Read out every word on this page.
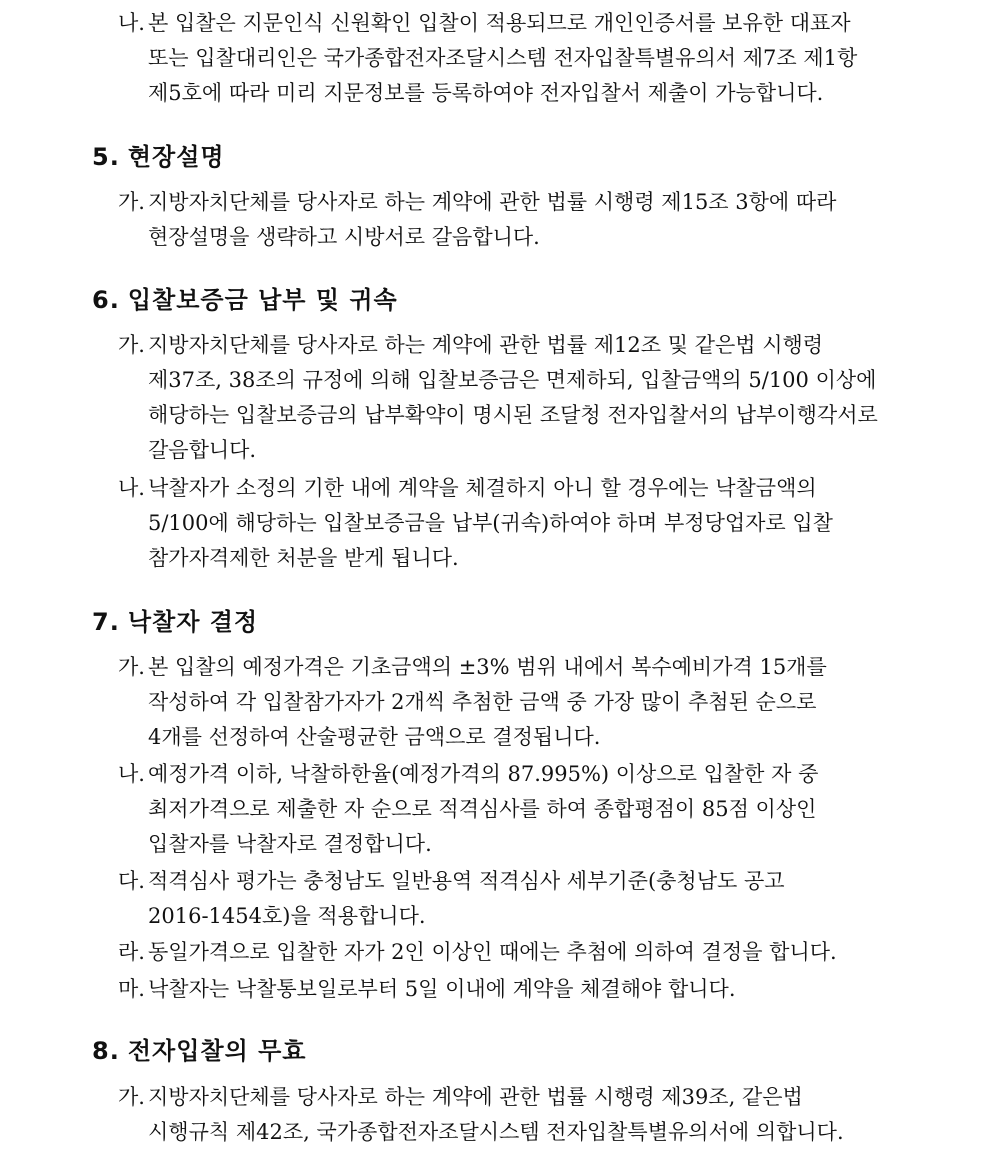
나. 본 입찰은 지문인식 신원확인 입찰이 적용되므로 개인인증서를 보유한 대표자
또는 입찰대리인은 국가종합전자조달시스템 전자입찰특별유의서 제7조 제1항
제5호에 따라 미리 지문정보를 등록하여야 전자입찰서 제출이 가능합니다.
5. 현장설명
가. 지방자치단체를 당사자로 하는 계약에 관한 법률 시행령 제15조 3항에 따라
현장설명을 생략하고 시방서로 갈음합니다.
6. 입찰보증금 납부 및 귀속
가. 지방자치단체를 당사자로 하는 계약에 관한 법률 제12조 및 같은법 시행령
제37조, 38조의 규정에 의해 입찰보증금은 면제하되, 입찰금액의 5/100 이상에
해당하는 입찰보증금의 납부확약이 명시된 조달청 전자입찰서의 납부이행각서로
갈음합니다.
나. 낙찰자가 소정의 기한 내에 계약을 체결하지 아니 할 경우에는 낙찰금액의
5/100에 해당하는 입찰보증금을 납부(귀속)하여야 하며 부정당업자로 입찰
참가자격제한 처분을 받게 됩니다.
7. 낙찰자 결정
가. 본 입찰의 예정가격은 기초금액의 ±3% 범위 내에서 복수예비가격 15개를
작성하여 각 입찰참가자가 2개씩 추첨한 금액 중 가장 많이 추첨된 순으로
4개를 선정하여 산술평균한 금액으로 결정됩니다.
나. 예정가격 이하, 낙찰하한율(예정가격의 87.995%) 이상으로 입찰한 자 중
최저가격으로 제출한 자 순으로 적격심사를 하여 종합평점이 85점 이상인
입찰자를 낙찰자로 결정합니다.
다. 적격심사 평가는 충청남도 일반용역 적격심사 세부기준(충청남도 공고
2016-1454호)을 적용합니다.
라. 동일가격으로 입찰한 자가 2인 이상인 때에는 추첨에 의하여 결정을 합니다.
마. 낙찰자는 낙찰통보일로부터 5일 이내에 계약을 체결해야 합니다.
8. 전자입찰의 무효
가. 지방자치단체를 당사자로 하는 계약에 관한 법률 시행령 제39조, 같은법
시행규칙 제42조, 국가종합전자조달시스템 전자입찰특별유의서에 의합니다.
